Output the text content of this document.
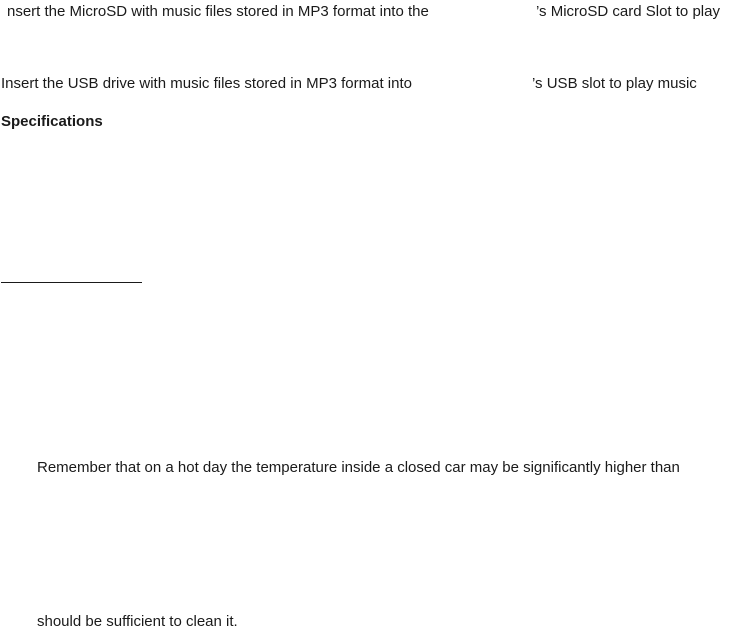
nsert the MicroSD with music files stored in MP3 format into the	’s MicroSD card Slot to play
Insert the USB drive with music files stored in MP3 format into	’s USB slot to play music
Specifications
Remember that on a hot day the temperature inside a closed car may be significantly higher than
should be sufficient to clean it.
